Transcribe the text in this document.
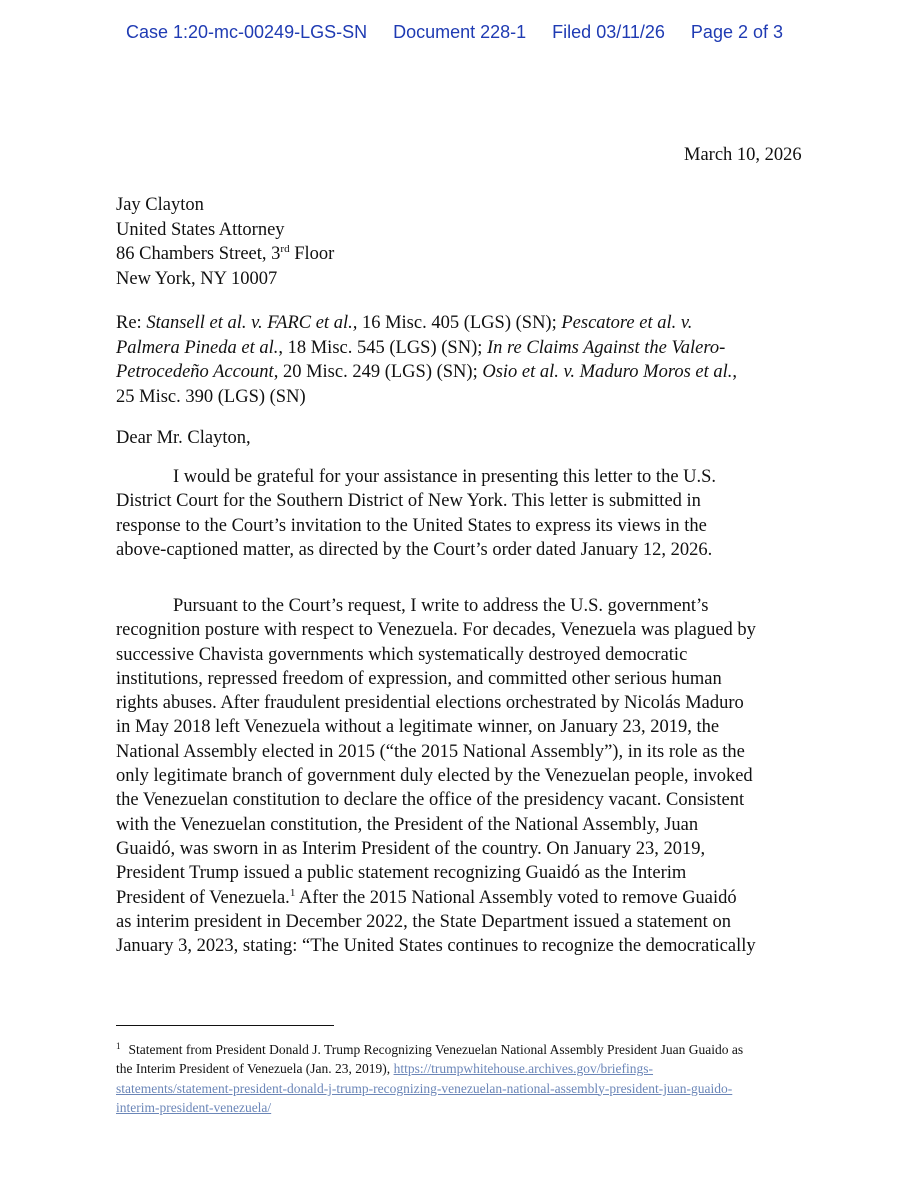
Case 1:20-mc-00249-LGS-SN Document 228-1 Filed 03/11/26 Page 2 of 3
March 10, 2026
Jay Clayton
United States Attorney
86 Chambers Street, 3rd Floor
New York, NY 10007
Re: Stansell et al. v. FARC et al., 16 Misc. 405 (LGS) (SN); Pescatore et al. v.
Palmera Pineda et al., 18 Misc. 545 (LGS) (SN); In re Claims Against the Valero-
Petrocedeño Account, 20 Misc. 249 (LGS) (SN); Osio et al. v. Maduro Moros et al.,
25 Misc. 390 (LGS) (SN)
Dear Mr. Clayton,
I would be grateful for your assistance in presenting this letter to the U.S.
District Court for the Southern District of New York. This letter is submitted in
response to the Court’s invitation to the United States to express its views in the
above-captioned matter, as directed by the Court’s order dated January 12, 2026.
Pursuant to the Court’s request, I write to address the U.S. government’s
recognition posture with respect to Venezuela. For decades, Venezuela was plagued by
successive Chavista governments which systematically destroyed democratic
institutions, repressed freedom of expression, and committed other serious human
rights abuses. After fraudulent presidential elections orchestrated by Nicolás Maduro
in May 2018 left Venezuela without a legitimate winner, on January 23, 2019, the
National Assembly elected in 2015 (“the 2015 National Assembly”), in its role as the
only legitimate branch of government duly elected by the Venezuelan people, invoked
the Venezuelan constitution to declare the office of the presidency vacant. Consistent
with the Venezuelan constitution, the President of the National Assembly, Juan
Guaidó, was sworn in as Interim President of the country. On January 23, 2019,
President Trump issued a public statement recognizing Guaidó as the Interim
President of Venezuela.$^1$ After the 2015 National Assembly voted to remove Guaidó
as interim president in December 2022, the State Department issued a statement on
January 3, 2023, stating: “The United States continues to recognize the democratically
$^1$ Statement from President Donald J. Trump Recognizing Venezuelan National Assembly President Juan Guaido as
the Interim President of Venezuela (Jan. 23, 2019), https://trumpwhitehouse.archives.gov/briefings-
statements/statement-president-donald-j-trump-recognizing-venezuelan-national-assembly-president-juan-guaido-
interim-president-venezuela/
